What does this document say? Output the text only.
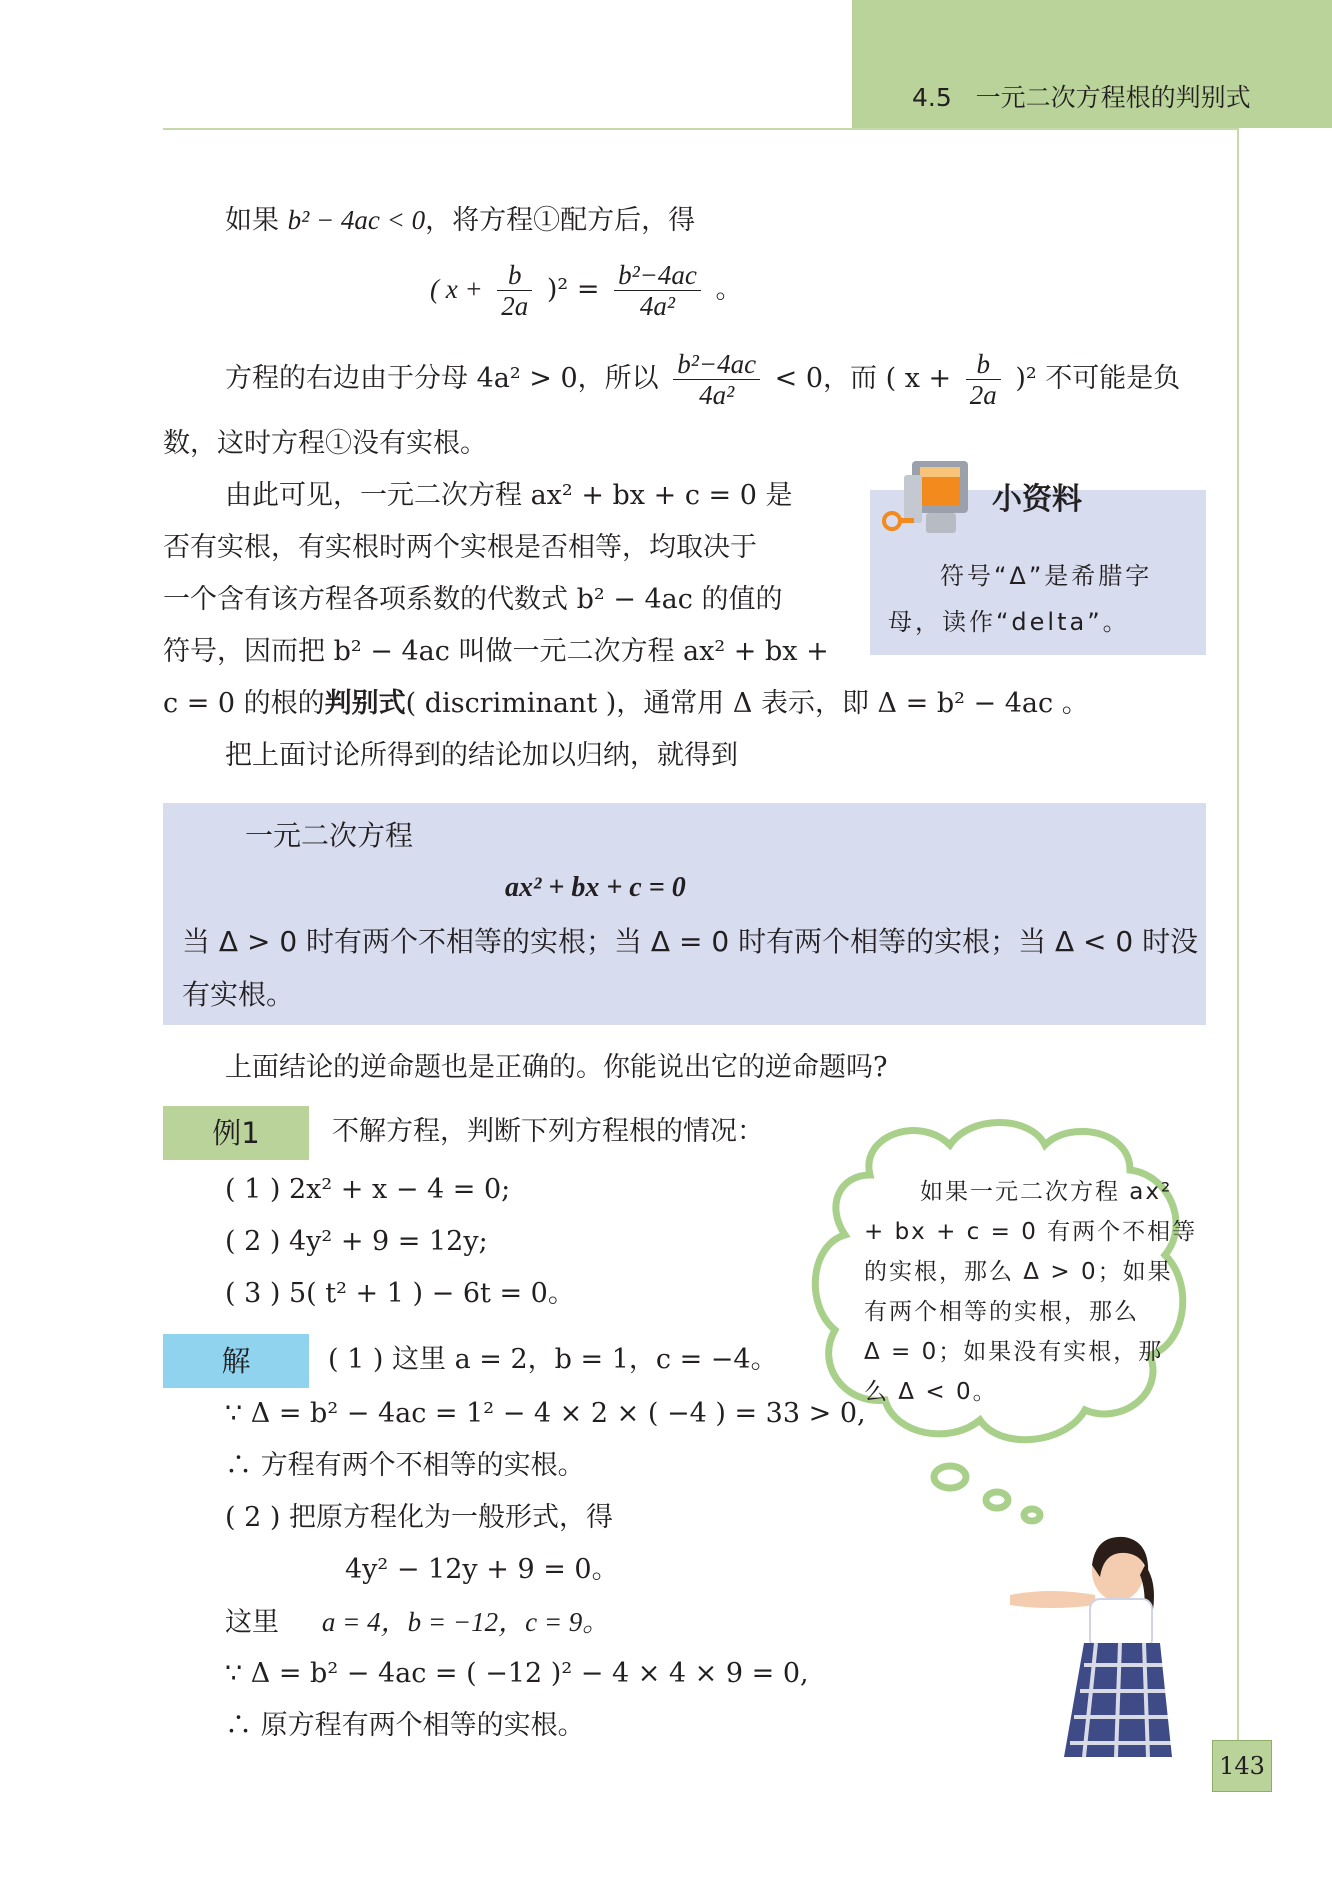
4.5 一元二次方程根的判别式
如果 b² − 4ac < 0，将方程①配方后，得
( $x + \frac{b}{2a} )^2 = \frac{\text{b²−4ac}}{\text{4a²}}$ 。
方程的右边由于分母 4a² > 0，所以 $\frac{\text{b²−4ac}}{\text{4a²}} < 0$，而 ( $x + \frac{b}{2a} )^2$ 不可能是负
数，这时方程①没有实根。
由此可见，一元二次方程 ax² + bx + c = 0 是
否有实根，有实根时两个实根是否相等，均取决于
一个含有该方程各项系数的代数式 b² − 4ac 的值的
符号，因而把 b² − 4ac 叫做一元二次方程 ax² + bx +
c = 0 的根的判别式( discriminant )，通常用 Δ 表示，即 Δ = b² − 4ac 。
把上面讨论所得到的结论加以归纳，就得到
小资料
符号“Δ”是希腊字
母，读作“delta”。
一元二次方程
ax² + bx + c = 0
当 Δ > 0 时有两个不相等的实根；当 Δ = 0 时有两个相等的实根；当 Δ < 0 时没
有实根。
上面结论的逆命题也是正确的。你能说出它的逆命题吗?
例1	不解方程，判断下列方程根的情况：
( 1 ) 2x² + x − 4 = 0;
( 2 ) 4y² + 9 = 12y;
( 3 ) 5( t² + 1 ) − 6t = 0。
解	( 1 ) 这里 a = 2，b = 1，c = −4。
∵ Δ = b² − 4ac = 1² − 4 × 2 × ( −4 ) = 33 > 0,
∴ 方程有两个不相等的实根。
( 2 ) 把原方程化为一般形式，得
4y² − 12y + 9 = 0。
这里 a = 4，b = −12，c = 9。
∵ Δ = b² − 4ac = ( −12 )² − 4 × 4 × 9 = 0,
∴ 原方程有两个相等的实根。
如果一元二次方程 ax²
+ bx + c = 0 有两个不相等
的实根，那么 Δ > 0；如果
有两个相等的实根，那么
Δ = 0；如果没有实根，那
么 Δ < 0。
143
